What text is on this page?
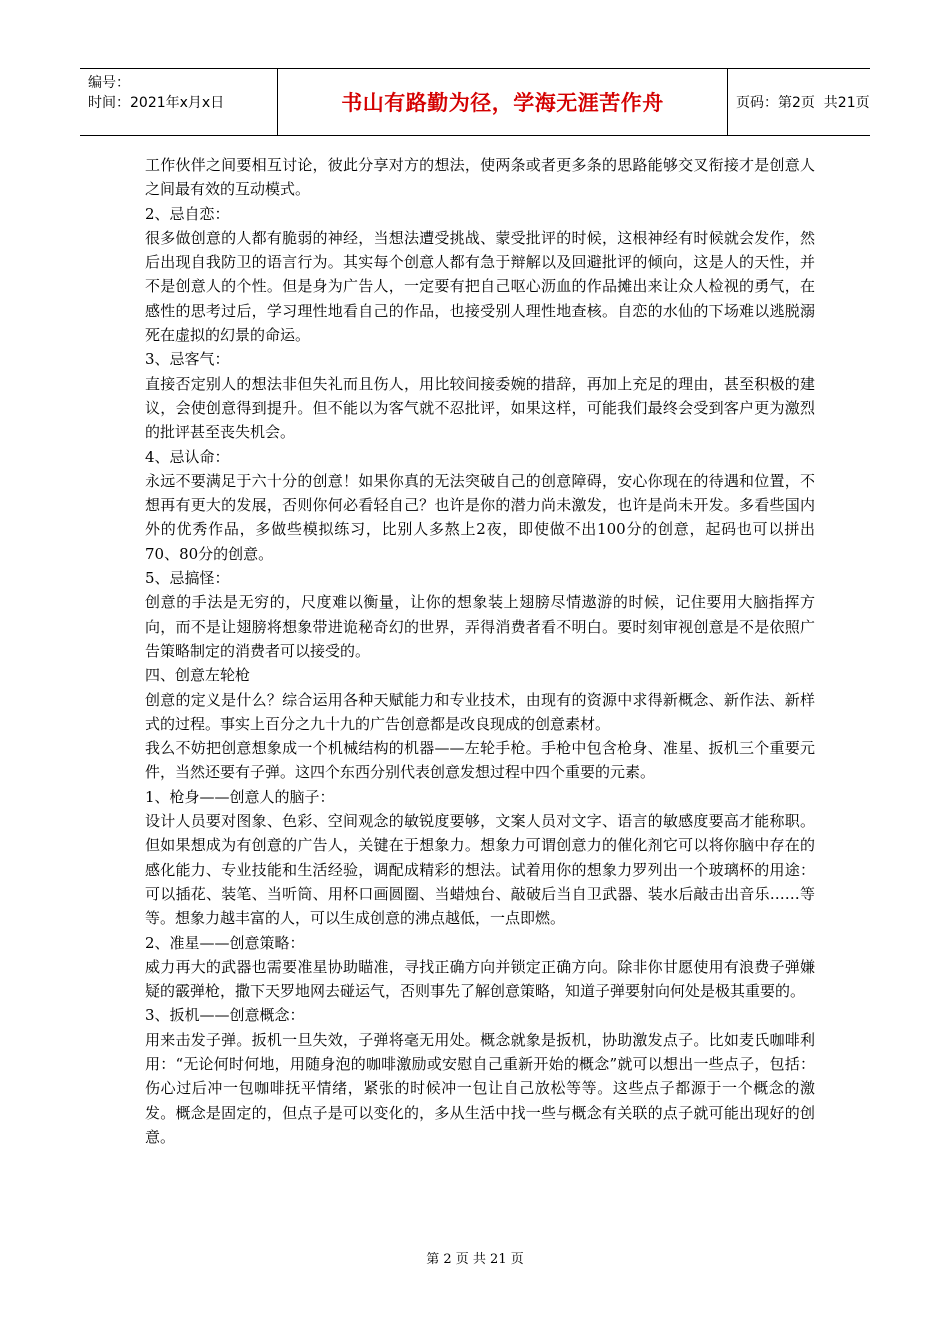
编号：
时间：2021年x月x日	书山有路勤为径，学海无涯苦作舟	页码：第2页  共21页

工作伙伴之间要相互讨论，彼此分享对方的想法，使两条或者更多条的思路能够交叉衔接才是创意人之间最有效的互动模式。

2、忌自恋：

很多做创意的人都有脆弱的神经，当想法遭受挑战、蒙受批评的时候，这根神经有时候就会发作，然后出现自我防卫的语言行为。其实每个创意人都有急于辩解以及回避批评的倾向，这是人的天性，并不是创意人的个性。但是身为广告人，一定要有把自己呕心沥血的作品摊出来让众人检视的勇气，在感性的思考过后，学习理性地看自己的作品，也接受别人理性地查核。自恋的水仙的下场难以逃脱溺死在虚拟的幻景的命运。

3、忌客气：

直接否定别人的想法非但失礼而且伤人，用比较间接委婉的措辞，再加上充足的理由，甚至积极的建议，会使创意得到提升。但不能以为客气就不忍批评，如果这样，可能我们最终会受到客户更为激烈的批评甚至丧失机会。

4、忌认命：

永远不要满足于六十分的创意！如果你真的无法突破自己的创意障碍，安心你现在的待遇和位置，不想再有更大的发展，否则你何必看轻自己？也许是你的潜力尚未激发，也许是尚未开发。多看些国内外的优秀作品，多做些模拟练习，比别人多熬上2夜，即使做不出100分的创意，起码也可以拼出70、80分的创意。

5、忌搞怪：

创意的手法是无穷的，尺度难以衡量，让你的想象装上翅膀尽情遨游的时候，记住要用大脑指挥方向，而不是让翅膀将想象带进诡秘奇幻的世界，弄得消费者看不明白。要时刻审视创意是不是依照广告策略制定的消费者可以接受的。

四、创意左轮枪

创意的定义是什么？综合运用各种天赋能力和专业技术，由现有的资源中求得新概念、新作法、新样式的过程。事实上百分之九十九的广告创意都是改良现成的创意素材。

我么不妨把创意想象成一个机械结构的机器——左轮手枪。手枪中包含枪身、准星、扳机三个重要元件，当然还要有子弹。这四个东西分别代表创意发想过程中四个重要的元素。

1、枪身——创意人的脑子：

设计人员要对图象、色彩、空间观念的敏锐度要够，文案人员对文字、语言的敏感度要高才能称职。但如果想成为有创意的广告人，关键在于想象力。想象力可谓创意力的催化剂它可以将你脑中存在的感化能力、专业技能和生活经验，调配成精彩的想法。试着用你的想象力罗列出一个玻璃杯的用途：可以插花、装笔、当听筒、用杯口画圆圈、当蜡烛台、敲破后当自卫武器、装水后敲击出音乐……等等。想象力越丰富的人，可以生成创意的沸点越低，一点即燃。

2、准星——创意策略：

威力再大的武器也需要准星协助瞄准，寻找正确方向并锁定正确方向。除非你甘愿使用有浪费子弹嫌疑的霰弹枪，撒下天罗地网去碰运气，否则事先了解创意策略，知道子弹要射向何处是极其重要的。

3、扳机——创意概念：

用来击发子弹。扳机一旦失效，子弹将毫无用处。概念就象是扳机，协助激发点子。比如麦氏咖啡利用：“无论何时何地，用随身泡的咖啡激励或安慰自己重新开始的概念”就可以想出一些点子，包括：伤心过后冲一包咖啡抚平情绪，紧张的时候冲一包让自己放松等等。这些点子都源于一个概念的激发。概念是固定的，但点子是可以变化的，多从生活中找一些与概念有关联的点子就可能出现好的创意。

第 2 页 共 21 页
